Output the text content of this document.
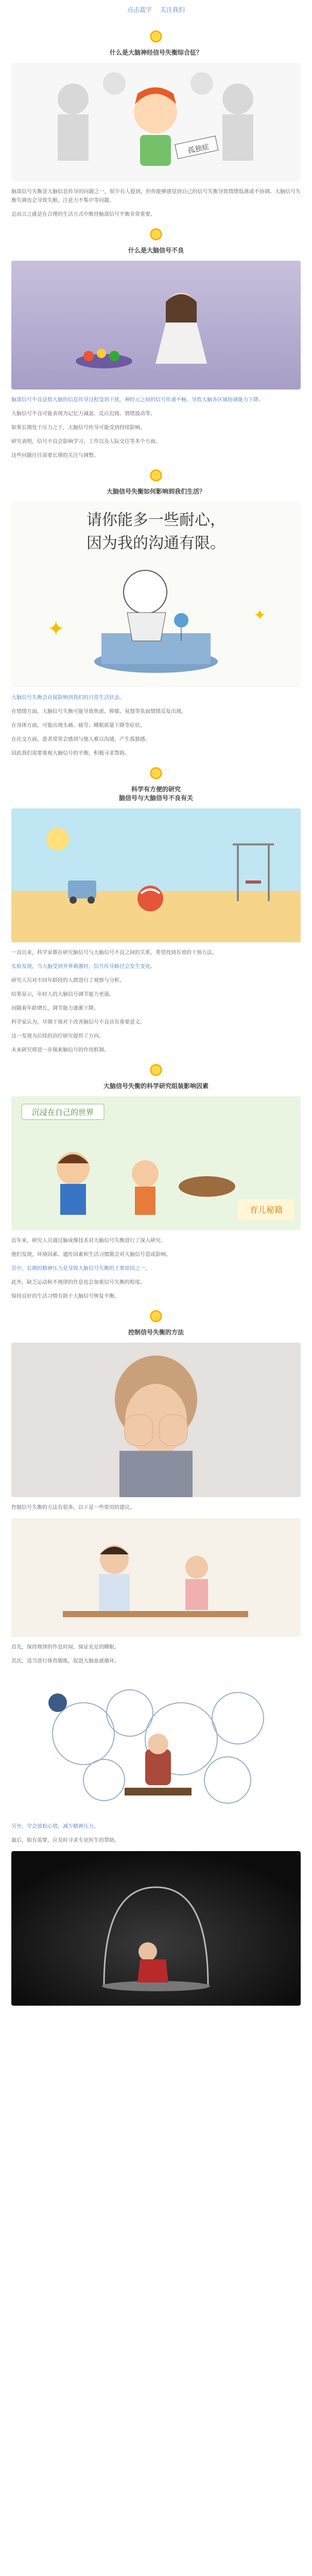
点击蓝字 关注我们
什么是大脑神经信号失衡综合征？
孤独症

脑部信号失衡是大脑信息传导的问题之一，很少有人提到，但你能够感觉到自己的信号失衡导致情绪低落或不协调。大脑信号失衡失调也会导致失眠、注意力不集中等问题。

总而言之就是在合理的生活方式中维持脑部信号平衡非常重要。

什么是大脑信号不良

脑部信号不良是指大脑的信息传导过程受到干扰，神经元之间的信号传递不畅，导致大脑各区域协调能力下降。

大脑信号不良可能表现为记忆力减退、反应迟钝、情绪波动等。

如果长期处于压力之下，大脑信号传导可能受到持续影响。

研究表明，信号不良会影响学习、工作以及人际交往等多个方面。

这些问题往往需要长期的关注与调整。

大脑信号失衡如何影响到我们生活？
请你能多一些耐心，
因为我的沟通有限。
✦
✦

大脑信号失衡会直接影响到我们的日常生活状态。

在情绪方面，大脑信号失衡可能导致焦虑、抑郁、易怒等负面情绪反复出现。

在身体方面，可能出现头痛、疲劳、睡眠质量下降等症状。

在社交方面，患者常常会感到与他人难以沟通，产生孤独感。

因此我们需要重视大脑信号的平衡，积极寻求帮助。

科学有方便的研究
脑信号与大脑信号不良有关

一直以来，科学家都在研究脑信号与大脑信号不良之间的关系，希望找到有效的干预方法。

实验发现，当大脑受到外界刺激时，信号传导路径会发生变化。

研究人员对不同年龄段的人群进行了观察与分析。

结果显示，年轻人的大脑信号调节能力更强。

而随着年龄增长，调节能力逐渐下降。

科学家认为，早期干预对于改善脑信号不良具有重要意义。

这一发现为后续的治疗研究提供了方向。

未来研究将进一步探索脑信号的作用机制。

大脑信号失衡的科学研究组装影响因素
沉浸在自己的世界
育儿秘籍

近年来，研究人员通过脑成像技术对大脑信号失衡进行了深入研究。

他们发现，环境因素、遗传因素和生活习惯都会对大脑信号造成影响。

其中，长期的精神压力是导致大脑信号失衡的主要原因之一。

此外，缺乏运动和不规律的作息也会加重信号失衡的程度。

保持良好的生活习惯有助于大脑信号恢复平衡。

控制信号失衡的方法

控制信号失衡的方法有很多，以下是一些常用的建议。

首先，保持规律的作息时间，保证充足的睡眠。

其次，适当进行体育锻炼，促进大脑血液循环。

另外，学会放松心情，减少精神压力。

最后，如有需要，应及时寻求专业医生的帮助。
